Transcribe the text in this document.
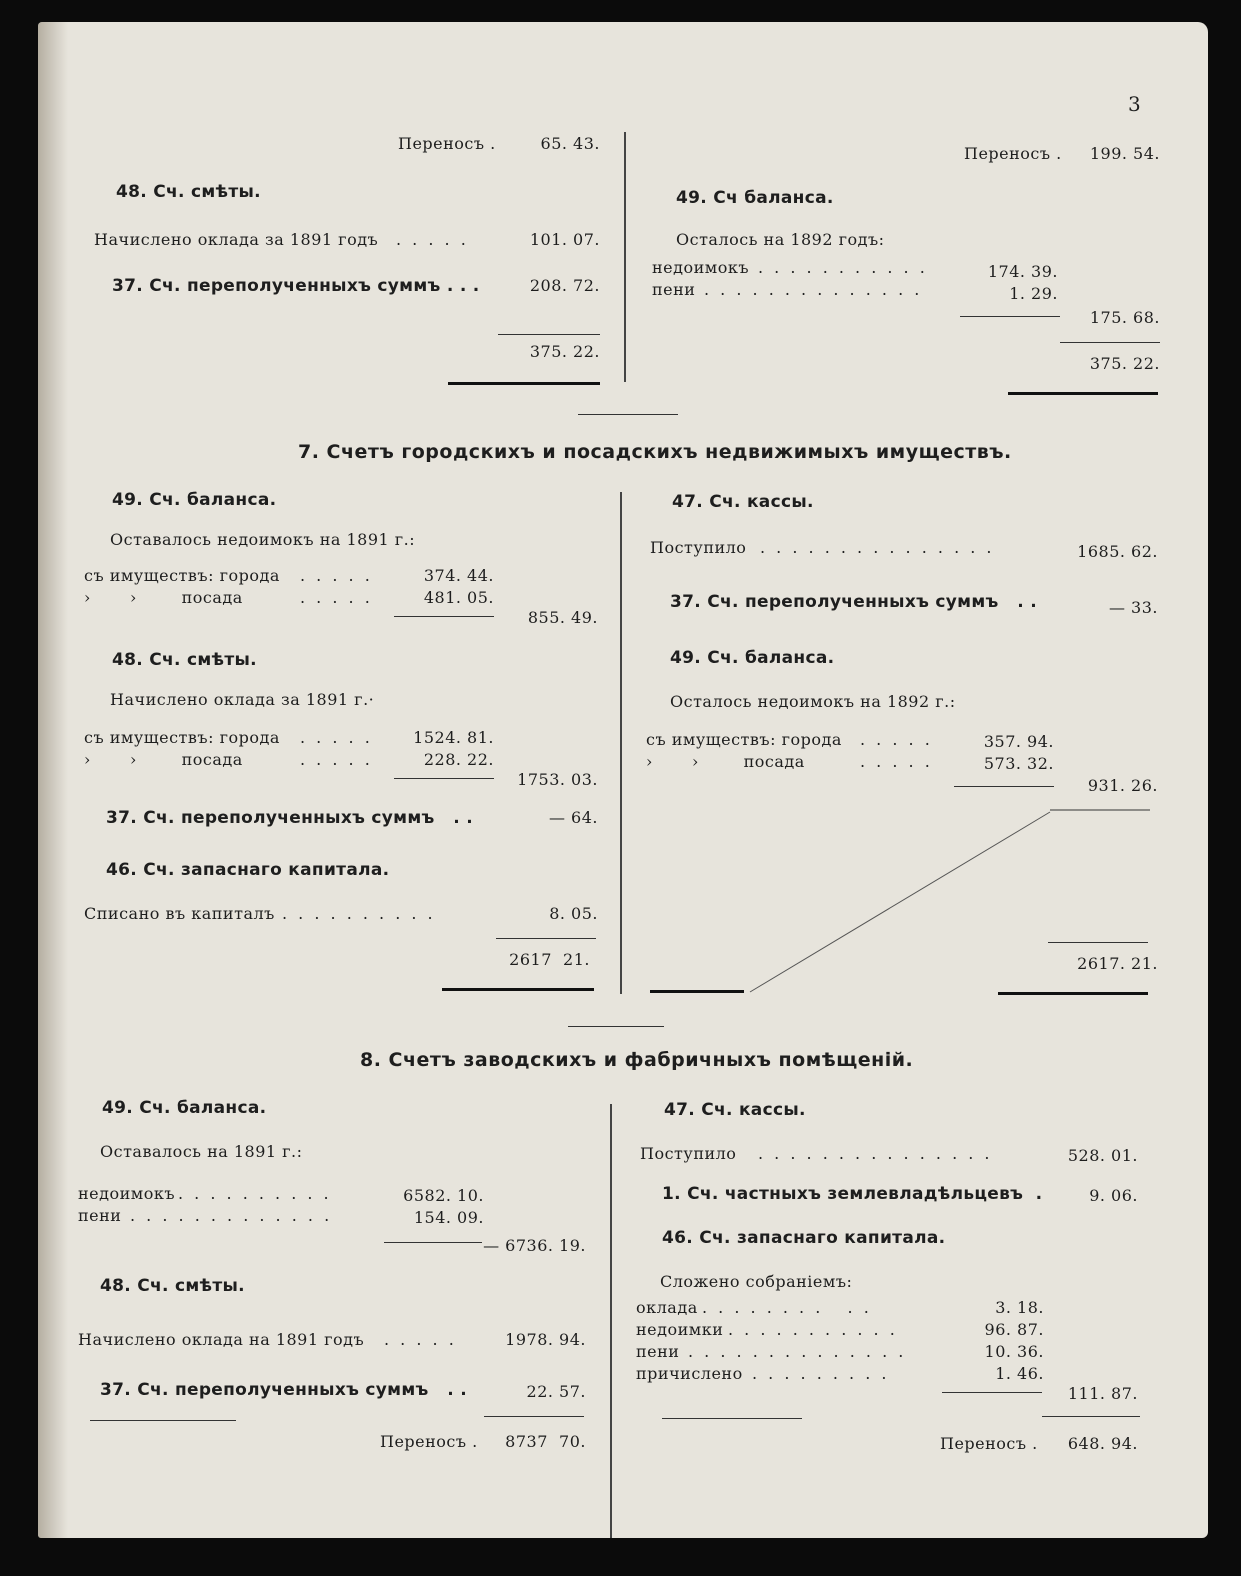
3
Переносъ .	65. 43.
48. Сч. смѣты.
Начислено оклада за 1891 годъ . . . . .	101. 07.
37. Сч. переполученныхъ суммъ . . .	208. 72.
375. 22.
Переносъ .	199. 54.
49. Сч баланса.
Осталось на 1892 годъ:
недоимокъ . . . . . . . . . . .	174. 39.
пени . . . . . . . . . . . . . .	1. 29.
175. 68.
375. 22.
7. Счетъ городскихъ и посадскихъ недвижимыхъ имуществъ.
49. Сч. баланса.
Оставалось недоимокъ на 1891 г.:
съ имуществъ: города . . . . .	374. 44.
›       ›        посада	. . . . .	481. 05.
855. 49.
48. Сч. смѣты.
Начислено оклада за 1891 г.·
съ имуществъ: города . . . . .	1524. 81.
›       ›        посада	. . . . .	228. 22.
1753. 03.
37. Сч. переполученныхъ суммъ   . .	— 64.
46. Сч. запаснаго капитала.
Списано въ капиталъ . . . . . . . . . .	8. 05.
2617  21.
47. Сч. кассы.
Поступило . . . . . . . . . . . . . . .	1685. 62.
37. Сч. переполученныхъ суммъ   . .	— 33.
49. Сч. баланса.
Осталось недоимокъ на 1892 г.:
съ имуществъ: города . . . . .	357. 94.
›       ›        посада	. . . . .	573. 32.
931. 26.
2617. 21.
8. Счетъ заводскихъ и фабричныхъ помѣщеній.
49. Сч. баланса.
Оставалось на 1891 г.:
недоимокъ . . . . . . . . . .	6582. 10.
пени . . . . . . . . . . . . .	154. 09.
— 6736. 19.
48. Сч. смѣты.
Начислено оклада на 1891 годъ . . . . .	1978. 94.
37. Сч. переполученныхъ суммъ   . .	22. 57.
Переносъ .	8737  70.
47. Сч. кассы.
Поступило . . . . . . . . . . . . . . .	528. 01.
1. Сч. частныхъ землевладѣльцевъ  .	9. 06.
46. Сч. запаснаго капитала.
Сложено собраніемъ:
оклада . . . . . . . .   . .	3. 18.
недоимки . . . . . . . . . . .	96. 87.
пени . . . . . . . . . . . . . .	10. 36.
причислено . . . . . . . . .	1. 46.
111. 87.
Переносъ .	648. 94.
